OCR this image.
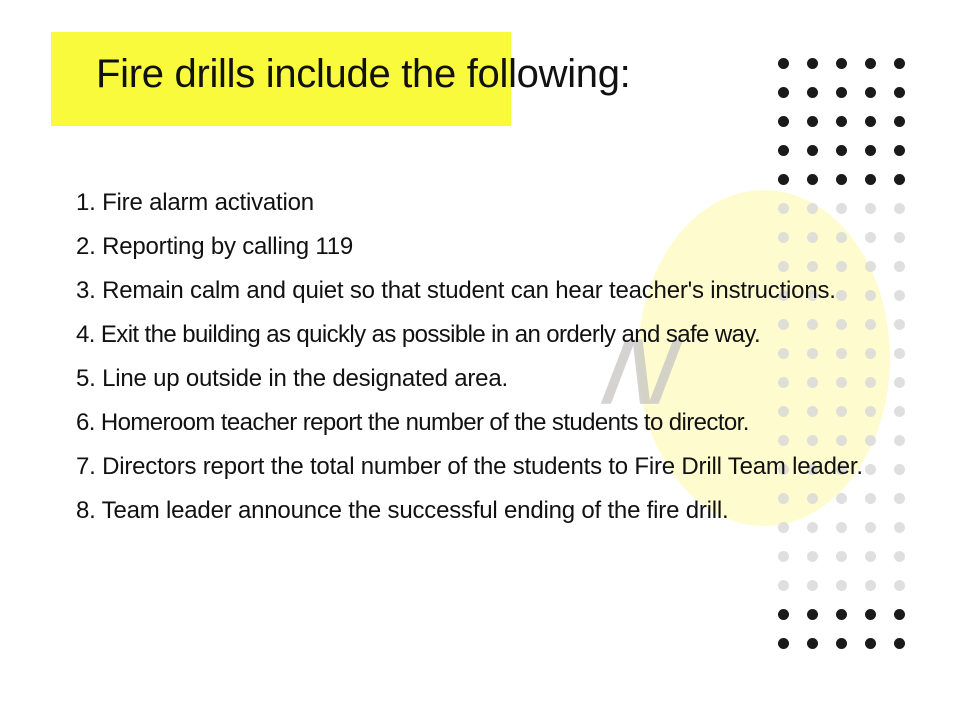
/\/
Fire drills include the following:
1. Fire alarm activation
2. Reporting by calling 119
3. Remain calm and quiet so that student can hear teacher's instructions.
4. Exit the building as quickly as possible in an orderly and safe way.
5. Line up outside in the designated area.
6. Homeroom teacher report the number of the students to director.
7. Directors report the total number of the students to Fire Drill Team leader.
8. Team leader announce the successful ending of the fire drill.
